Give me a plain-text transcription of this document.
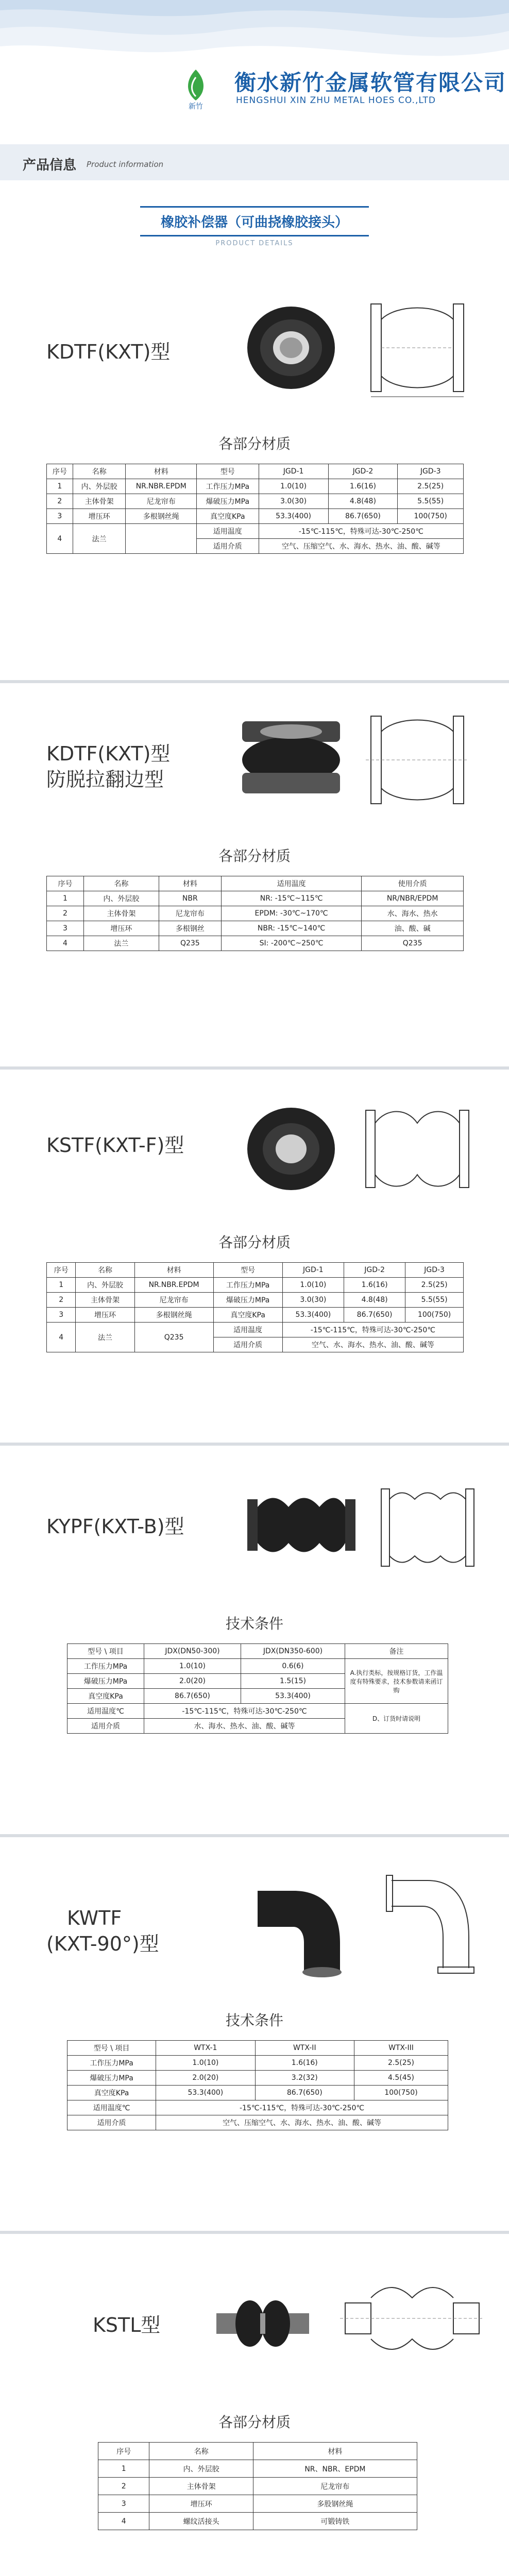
新竹
衡水新竹金属软管有限公司
HENGSHUI XIN ZHU METAL HOES CO.,LTD
产品信息 Product information
橡胶补偿器（可曲挠橡胶接头）
PRODUCT DETAILS
KDTF(KXT)型
各部分材质
序号	名称	材料	型号	JGD-1	JGD-2	JGD-3
1	内、外层胶	NR.NBR.EPDM	工作压力MPa	1.0(10)	1.6(16)	2.5(25)
2	主体骨架	尼龙帘布	爆破压力MPa	3.0(30)	4.8(48)	5.5(55)
3	增压环	多根钢丝绳	真空度KPa	53.3(400)	86.7(650)	100(750)
4	法兰		适用温度	-15℃-115℃，特殊可达-30℃-250℃		
			适用介质	空气、压缩空气、水、海水、热水、油、酸、碱等		
KDTF(KXT)型
防脱拉翻边型
各部分材质
序号	名称	材料	适用温度	使用介质
1	内、外层胶	NBR	NR: -15℃~115℃	NR/NBR/EPDM
2	主体骨架	尼龙帘布	EPDM: -30℃~170℃	水、海水、热水
3	增压环	多根钢丝	NBR: -15℃~140℃	油、酸、碱
4	法兰	Q235	SI: -200℃~250℃	Q235
KSTF(KXT-F)型
各部分材质
序号	名称	材料	型号	JGD-1	JGD-2	JGD-3
1	内、外层胶	NR.NBR.EPDM	工作压力MPa	1.0(10)	1.6(16)	2.5(25)
2	主体骨架	尼龙帘布	爆破压力MPa	3.0(30)	4.8(48)	5.5(55)
3	增压环	多根钢丝绳	真空度KPa	53.3(400)	86.7(650)	100(750)
4	法兰	Q235	适用温度	-15℃-115℃，特殊可达-30℃-250℃		
			适用介质	空气、水、海水、热水、油、酸、碱等		
KYPF(KXT-B)型
技术条件
型号 \ 项目	JDX(DN50-300)	JDX(DN350-600)	备注
工作压力MPa	1.0(10)	0.6(6)	A.执行类标，按规格订货，工作温度有特殊要求，技术参数请来函订购
爆破压力MPa	2.0(20)	1.5(15)	
真空度KPa	86.7(650)	53.3(400)	
适用温度℃	-15℃-115℃，特殊可达-30℃-250℃		D、订货时请说明
适用介质	水、海水、热水、油、酸、碱等		
KWTF
(KXT-90°)型
技术条件
型号 \ 项目	WTX-1	WTX-II	WTX-III
工作压力MPa	1.0(10)	1.6(16)	2.5(25)
爆破压力MPa	2.0(20)	3.2(32)	4.5(45)
真空度KPa	53.3(400)	86.7(650)	100(750)
适用温度℃	-15℃-115℃，特殊可达-30℃-250℃		
适用介质	空气、压缩空气、水、海水、热水、油、酸、碱等		
KSTL型
各部分材质
序号	名称	材料
1	内、外层胶	NR、NBR、EPDM
2	主体骨架	尼龙帘布
3	增压环	多股钢丝绳
4	螺纹活接头	可锻铸铁
